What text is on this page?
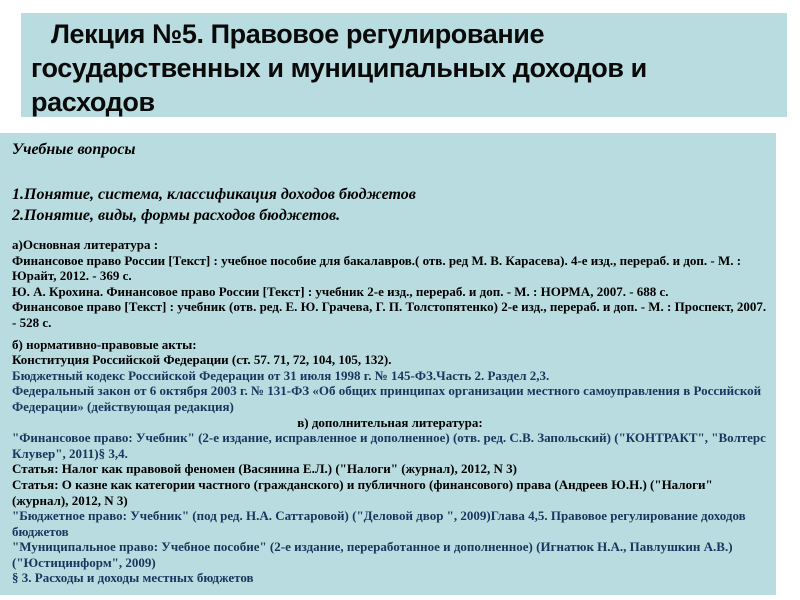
Лекция №5. Правовое регулирование
государственных и муниципальных доходов и
расходов
Учебные вопросы
1.Понятие, система, классификация доходов бюджетов
2.Понятие, виды, формы расходов бюджетов.

а)Основная литература :

Финансовое право России [Текст] : учебное пособие для бакалавров.( отв. ред М. В. Карасева). 4-е изд., перераб. и доп. - М. : Юрайт, 2012. - 369 с.

Ю. А. Крохина. Финансовое право России [Текст] : учебник 2-е изд., перераб. и доп. - М. : НОРМА, 2007. - 688 с.

Финансовое право [Текст] : учебник (отв. ред. Е. Ю. Грачева, Г. П. Толстопятенко) 2-е изд., перераб. и доп. - М. : Проспект, 2007. - 528 с.

б) нормативно-правовые акты:

Конституция Российской Федерации (ст. 57. 71, 72, 104, 105, 132).

Бюджетный кодекс Российской Федерации от 31 июля 1998 г. № 145-ФЗ.Часть 2. Раздел 2,3.

Федеральный закон от 6 октября 2003 г. № 131-ФЗ «Об общих принципах организации местного самоуправления в Российской Федерации» (действующая редакция)

в) дополнительная литература:

"Финансовое право: Учебник" (2-е издание, исправленное и дополненное) (отв. ред. С.В. Запольский) ("КОНТРАКТ", "Волтерс Клувер", 2011)§ 3,4.

Статья: Налог как правовой феномен (Васянина Е.Л.) ("Налоги" (журнал), 2012, N 3)

Статья: О казне как категории частного (гражданского) и публичного (финансового) права (Андреев Ю.Н.) ("Налоги" (журнал), 2012, N 3)

"Бюджетное право: Учебник" (под ред. Н.А. Саттаровой) ("Деловой двор ", 2009)Глава 4,5. Правовое регулирование доходов бюджетов

"Муниципальное право: Учебное пособие" (2-е издание, переработанное и дополненное) (Игнатюк Н.А., Павлушкин А.В.) ("Юстицинформ", 2009)

§ 3. Расходы и доходы местных бюджетов
